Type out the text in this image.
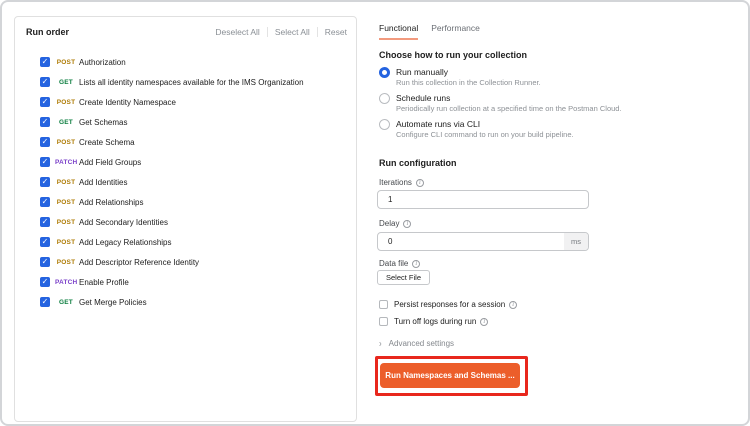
Run order	Deselect All Select All Reset
✓ POST Authorization
✓	GET Lists all identity namespaces available for the IMS Organization
✓ POST Create Identity Namespace
✓	GET Get Schemas
✓ POST Create Schema
✓ PATCH Add Field Groups
✓ POST Add Identities
✓ POST Add Relationships
✓ POST Add Secondary Identities
✓ POST Add Legacy Relationships
✓ POST Add Descriptor Reference Identity
✓ PATCH Enable Profile
✓	GET Get Merge Policies
Functional Performance
Choose how to run your collection
Run manually
Run this collection in the Collection Runner.
Schedule runs
Periodically run collection at a specified time on the Postman Cloud.
Automate runs via CLI
Configure CLI command to run on your build pipeline.
Run configuration
Iterations	i
1
Delay	i
0
ms
Data file	i
Select File
Persist responses for a session	i
Turn off logs during run	i
› Advanced settings
Run Namespaces and Schemas ...
